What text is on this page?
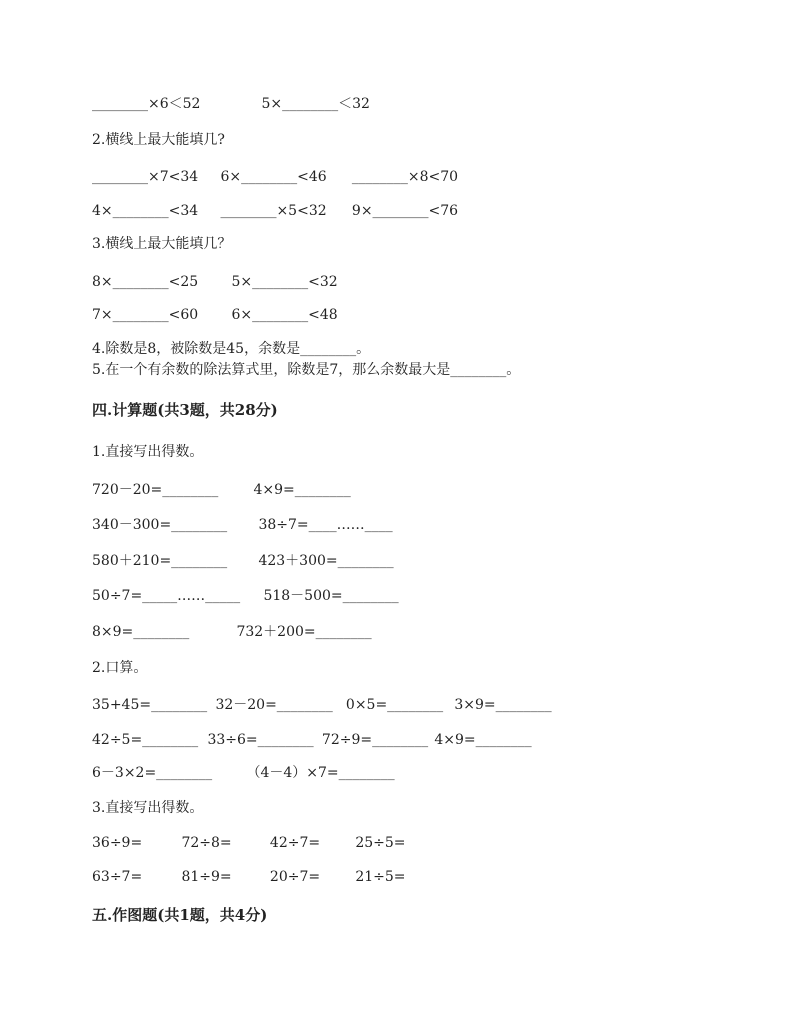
________×6＜52	5×________＜32
2.横线上最大能填几?
________×7<34 6×________<46 ________×8<70
4×________<34 ________×5<32 9×________<76
3.横线上最大能填几？
8×________<25 5×________<32
7×________<60 6×________<48
4.除数是8，被除数是45，余数是________。
5.在一个有余数的除法算式里，除数是7，那么余数最大是________。
四.计算题(共3题，共28分)
1.直接写出得数。
720－20=________	4×9=________
340－300=________ 38÷7=____……____
580＋210=________ 423＋300=________
50÷7=_____……_____ 518－500=________
8×9=________	732＋200=________
2.口算。
35+45=________ 32－20=________ 0×5=________ 3×9=________
42÷5=________ 33÷6=________ 72÷9=________ 4×9=________
6－3×2=________ （4－4）×7=________
3.直接写出得数。
36÷9=	72÷8=	42÷7=	25÷5=
63÷7=	81÷9=	20÷7=	21÷5=
五.作图题(共1题，共4分)
